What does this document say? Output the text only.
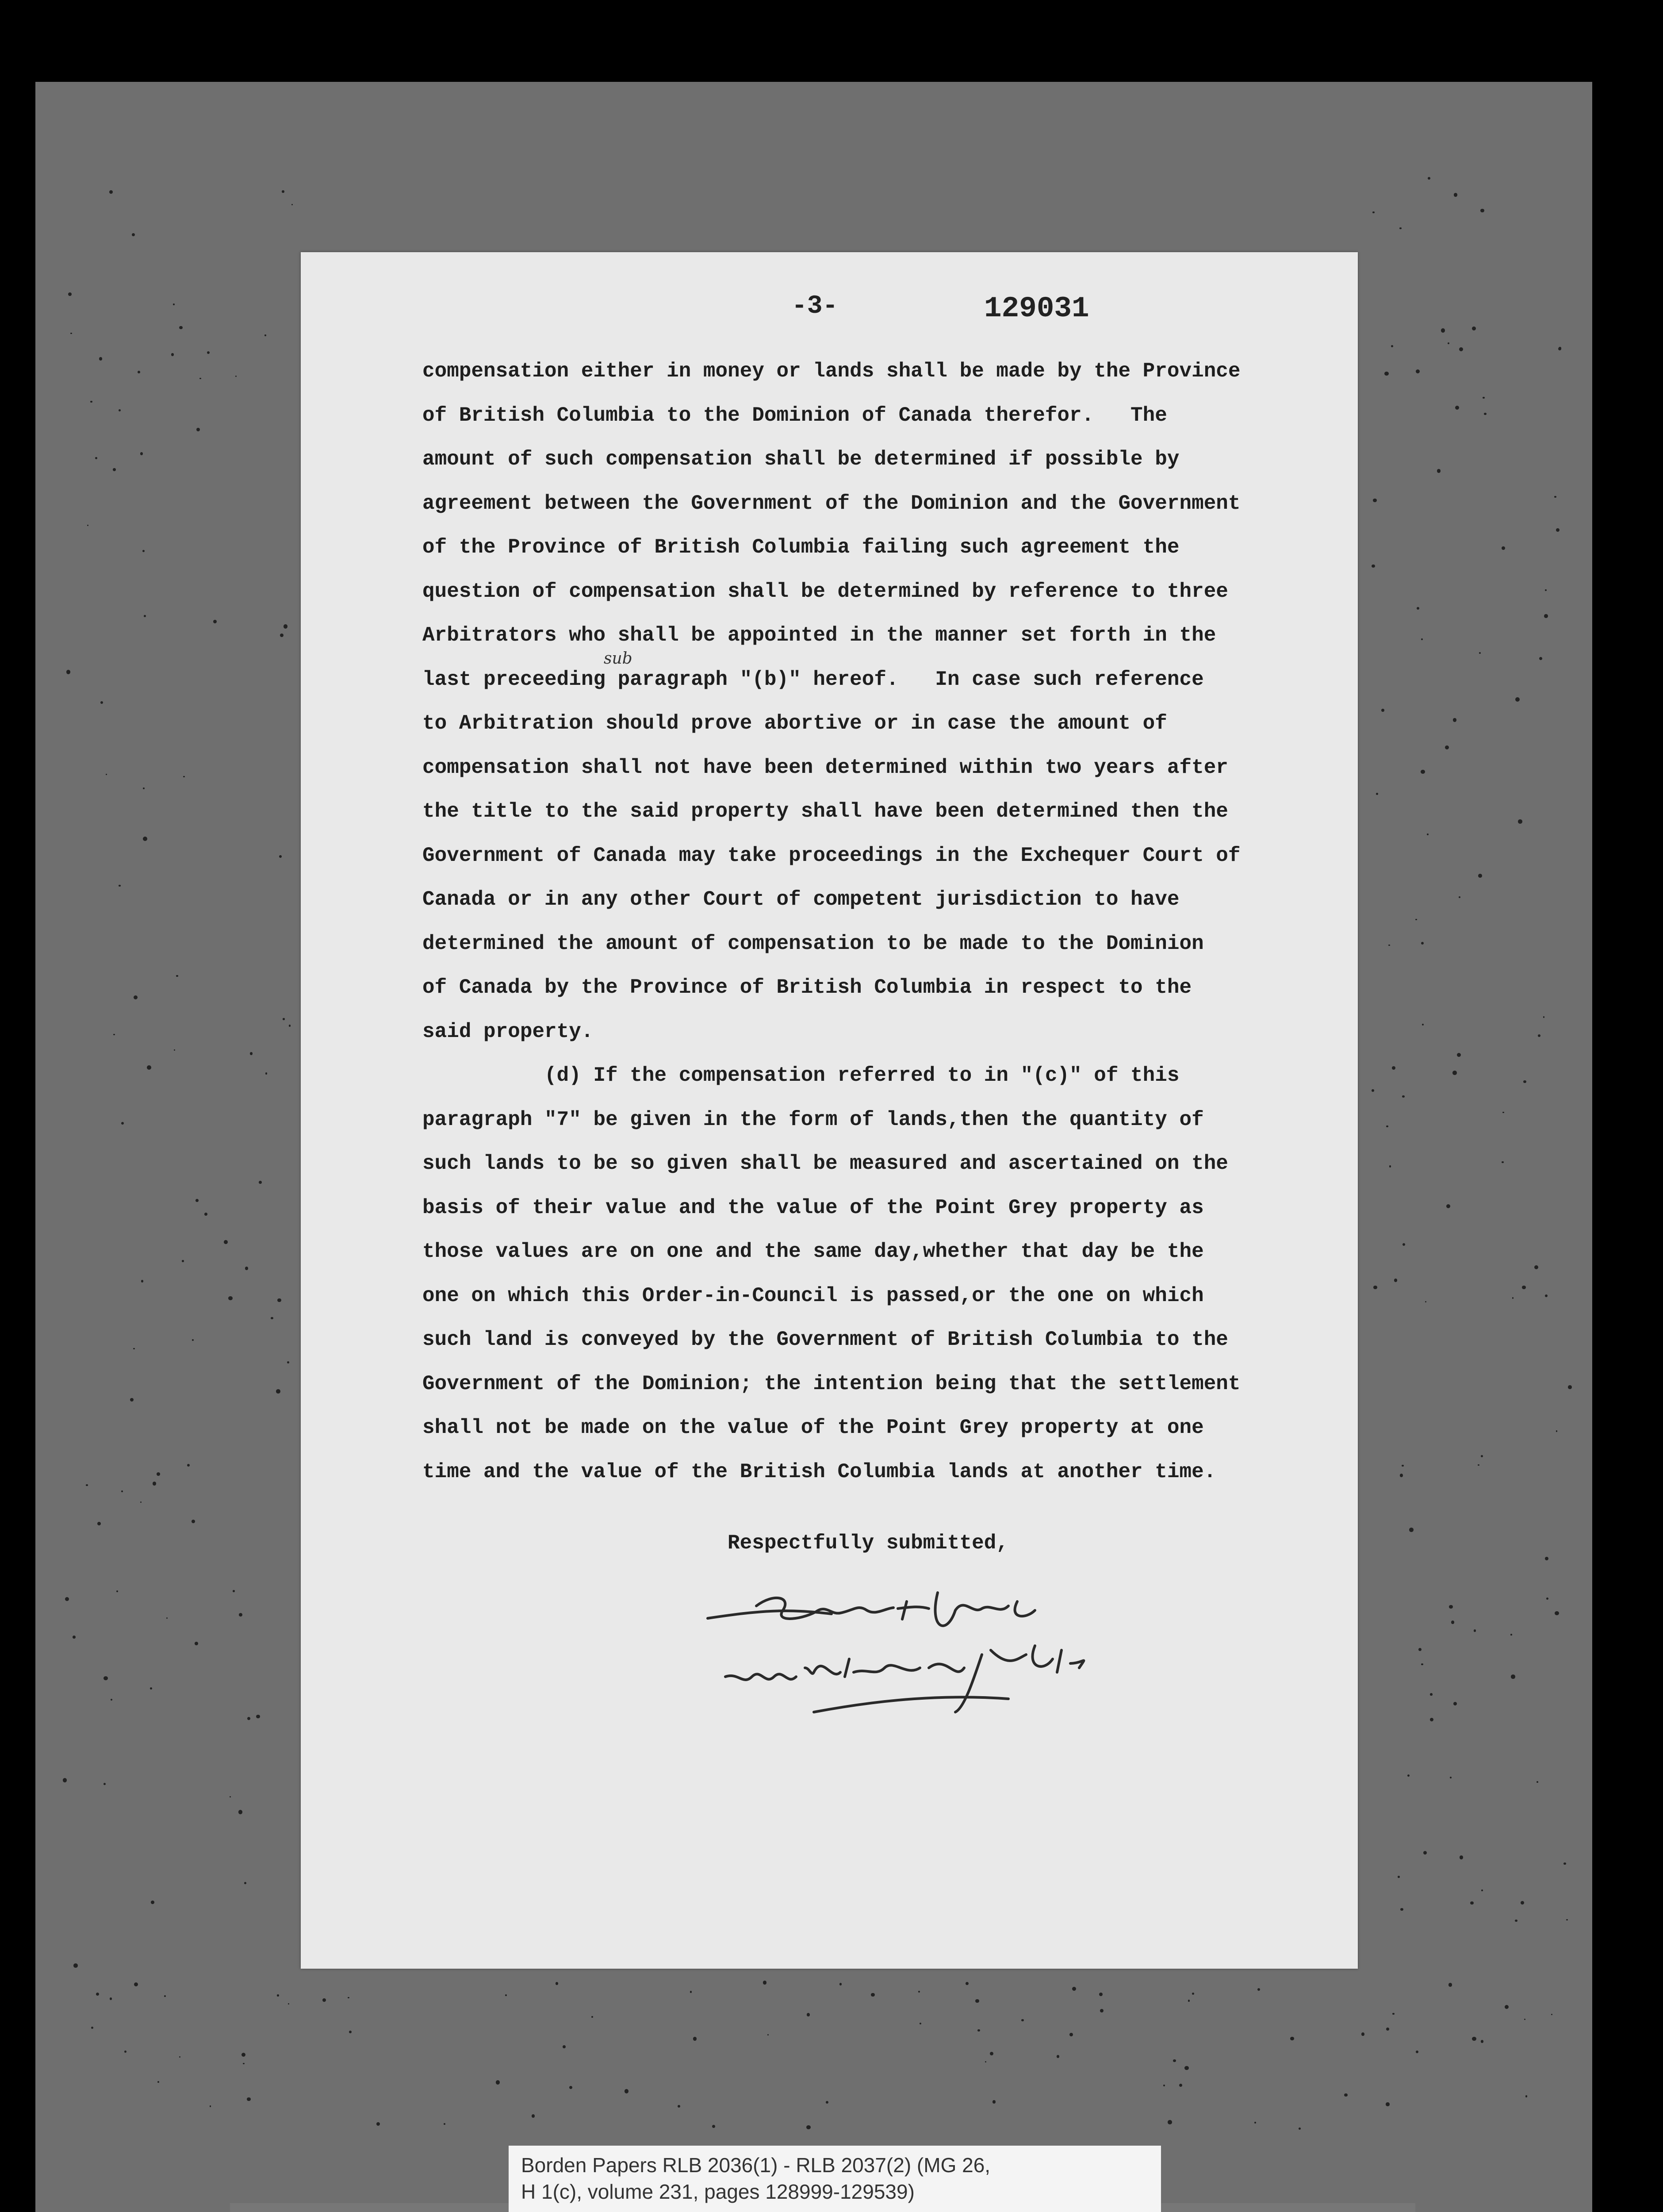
-3-	129031
compensation either in money or lands shall be made by the Province
of British Columbia to the Dominion of Canada therefor.   The
amount of such compensation shall be determined if possible by
agreement between the Government of the Dominion and the Government
of the Province of British Columbia failing such agreement the
question of compensation shall be determined by reference to three
Arbitrators who shall be appointed in the manner set forth in the
last preceeding paragraph "(b)" hereof.   In case such reference
to Arbitration should prove abortive or in case the amount of
compensation shall not have been determined within two years after
the title to the said property shall have been determined then the
Government of Canada may take proceedings in the Exchequer Court of
Canada or in any other Court of competent jurisdiction to have
determined the amount of compensation to be made to the Dominion
of Canada by the Province of British Columbia in respect to the
said property.
sub
(d) If the compensation referred to in "(c)" of this
paragraph "7" be given in the form of lands,then the quantity of
such lands to be so given shall be measured and ascertained on the
basis of their value and the value of the Point Grey property as
those values are on one and the same day,whether that day be the
one on which this Order-in-Council is passed,or the one on which
such land is conveyed by the Government of British Columbia to the
Government of the Dominion; the intention being that the settlement
shall not be made on the value of the Point Grey property at one
time and the value of the British Columbia lands at another time.
Respectfully submitted,
Borden Papers RLB 2036(1) - RLB 2037(2) (MG 26,
H 1(c), volume 231, pages 128999-129539)
